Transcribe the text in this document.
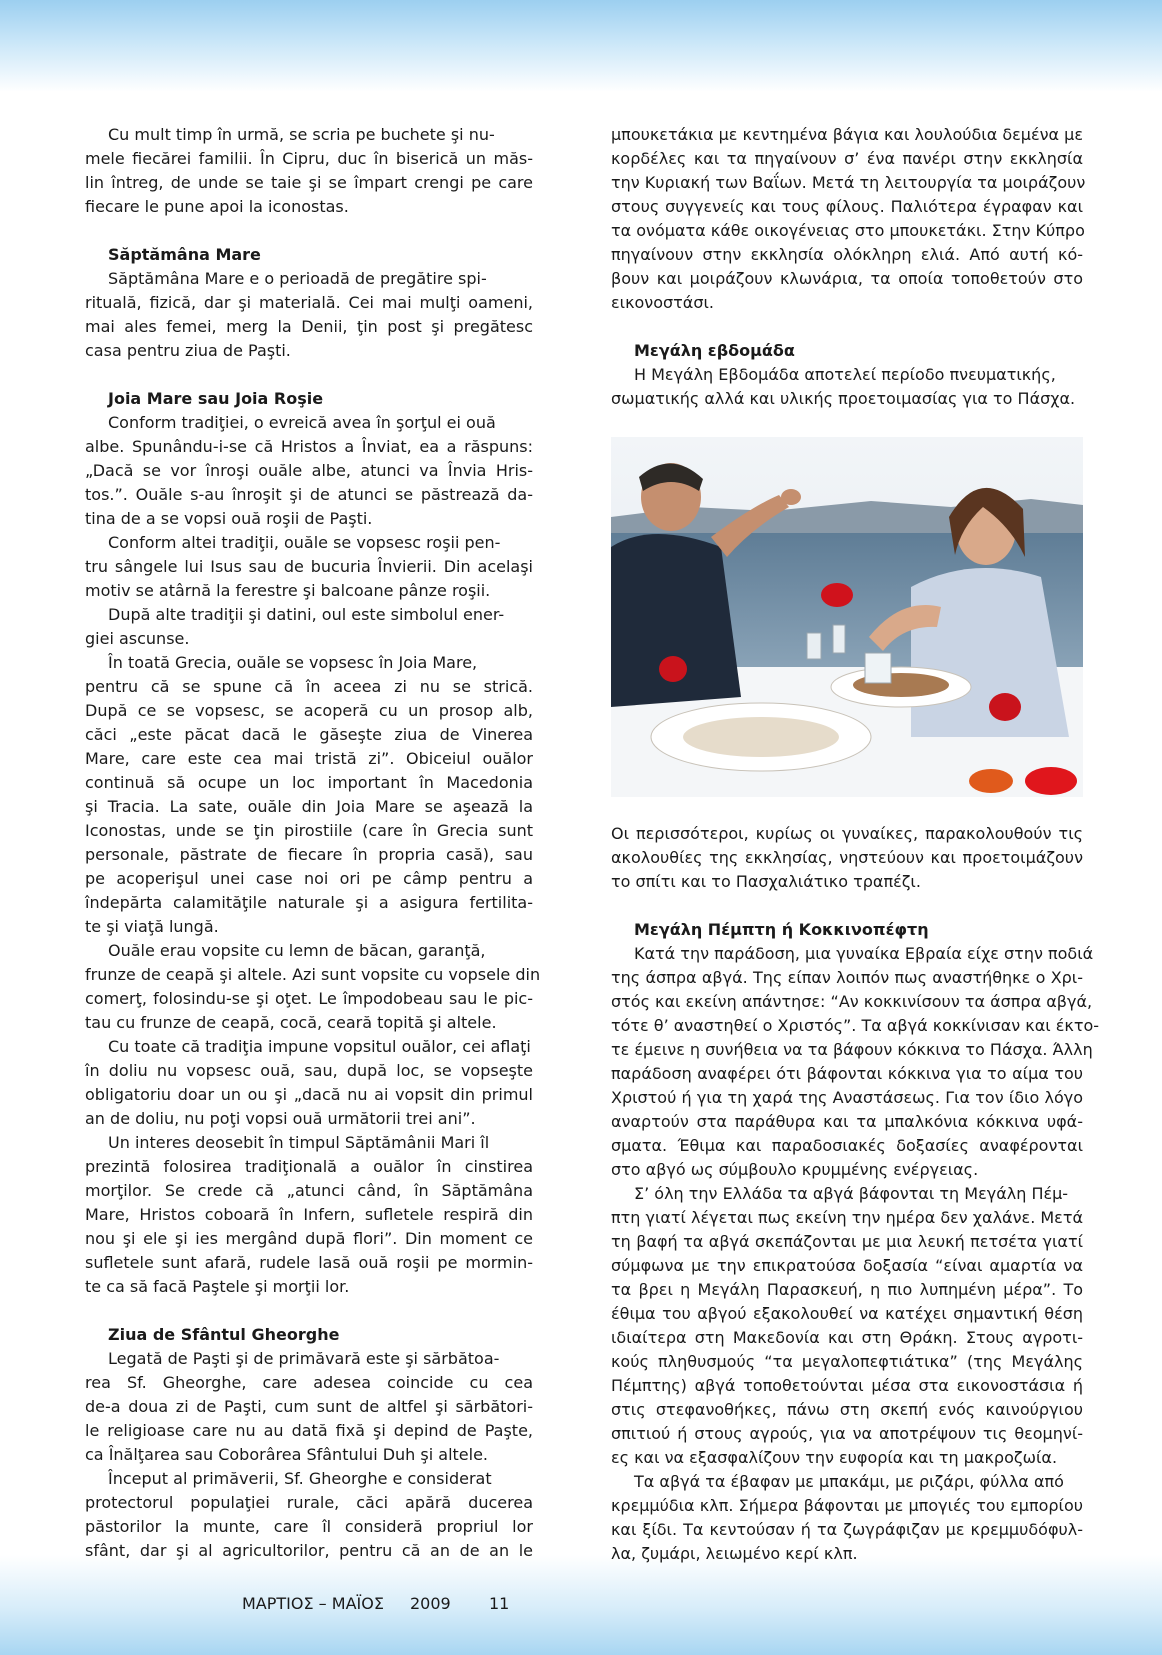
Cu mult timp în urmă, se scria pe buchete şi nu-
mele fiecărei familii. În Cipru, duc în biserică un măs-
lin întreg, de unde se taie şi se împart crengi pe care
fiecare le pune apoi la iconostas.
Săptămâna Mare
Săptămâna Mare e o perioadă de pregătire spi-
rituală, fizică, dar şi materială. Cei mai mulţi oameni,
mai ales femei, merg la Denii, ţin post şi pregătesc
casa pentru ziua de Paşti.
Joia Mare sau Joia Roşie
Conform tradiţiei, o evreică avea în şorţul ei ouă
albe. Spunându-i-se că Hristos a Înviat, ea a răspuns:
„Dacă se vor înroşi ouăle albe, atunci va Învia Hris-
tos.”. Ouăle s-au înroşit şi de atunci se păstrează da-
tina de a se vopsi ouă roşii de Paşti.
Conform altei tradiţii, ouăle se vopsesc roşii pen-
tru sângele lui Isus sau de bucuria Învierii. Din acelaşi
motiv se atârnă la ferestre şi balcoane pânze roşii.
După alte tradiţii şi datini, oul este simbolul ener-
giei ascunse.
În toată Grecia, ouăle se vopsesc în Joia Mare,
pentru că se spune că în aceea zi nu se strică.
După ce se vopsesc, se acoperă cu un prosop alb,
căci „este păcat dacă le găseşte ziua de Vinerea
Mare, care este cea mai tristă zi”. Obiceiul ouălor
continuă să ocupe un loc important în Macedonia
şi Tracia. La sate, ouăle din Joia Mare se aşează la
Iconostas, unde se ţin pirostiile (care în Grecia sunt
personale, păstrate de fiecare în propria casă), sau
pe acoperişul unei case noi ori pe câmp pentru a
îndepărta calamităţile naturale şi a asigura fertilita-
te şi viaţă lungă.
Ouăle erau vopsite cu lemn de băcan, garanţă,
frunze de ceapă şi altele. Azi sunt vopsite cu vopsele din
comerţ, folosindu-se şi oţet. Le împodobeau sau le pic-
tau cu frunze de ceapă, cocă, ceară topită şi altele.
Cu toate că tradiţia impune vopsitul ouălor, cei aflaţi
în doliu nu vopsesc ouă, sau, după loc, se vopseşte
obligatoriu doar un ou şi „dacă nu ai vopsit din primul
an de doliu, nu poţi vopsi ouă următorii trei ani”.
Un interes deosebit în timpul Săptămânii Mari îl
prezintă folosirea tradiţională a ouălor în cinstirea
morţilor. Se crede că „atunci când, în Săptămâna
Mare, Hristos coboară în Infern, sufletele respiră din
nou şi ele şi ies mergând după flori”. Din moment ce
sufletele sunt afară, rudele lasă ouă roşii pe mormin-
te ca să facă Paştele şi morţii lor.
Ziua de Sfântul Gheorghe
Legată de Paşti şi de primăvară este şi sărbătoa-
rea Sf. Gheorghe, care adesea coincide cu cea
de-a doua zi de Paşti, cum sunt de altfel şi sărbători-
le religioase care nu au dată fixă şi depind de Paşte,
ca Înălţarea sau Coborârea Sfântului Duh şi altele.
Început al primăverii, Sf. Gheorghe e considerat
protectorul populaţiei rurale, căci apără ducerea
păstorilor la munte, care îl consideră propriul lor
sfânt, dar şi al agricultorilor, pentru că an de an le
μπουκετάκια με κεντημένα βάγια και λουλούδια δεμένα με
κορδέλες και τα πηγαίνουν σ’ ένα πανέρι στην εκκλησία
την Κυριακή των Βαΐων. Μετά τη λειτουργία τα μοιράζουν
στους συγγενείς και τους φίλους. Παλιότερα έγραφαν και
τα ονόματα κάθε οικογένειας στο μπουκετάκι. Στην Κύπρο
πηγαίνουν στην εκκλησία ολόκληρη ελιά. Από αυτή κό-
βουν και μοιράζουν κλωνάρια, τα οποία τοποθετούν στο
εικονοστάσι.
Μεγάλη εβδομάδα
Η Μεγάλη Εβδομάδα αποτελεί περίοδο πνευματικής,
σωματικής αλλά και υλικής προετοιμασίας για το Πάσχα.
Οι περισσότεροι, κυρίως οι γυναίκες, παρακολουθούν τις
ακολουθίες της εκκλησίας, νηστεύουν και προετοιμάζουν
το σπίτι και το Πασχαλιάτικο τραπέζι.
Μεγάλη Πέμπτη ή Κοκκινοπέφτη
Κατά την παράδοση, μια γυναίκα Εβραία είχε στην ποδιά
της άσπρα αβγά. Της είπαν λοιπόν πως αναστήθηκε ο Χρι-
στός και εκείνη απάντησε: “Αν κοκκινίσουν τα άσπρα αβγά,
τότε θ’ αναστηθεί ο Χριστός”. Τα αβγά κοκκίνισαν και έκτο-
τε έμεινε η συνήθεια να τα βάφουν κόκκινα το Πάσχα. Άλλη
παράδοση αναφέρει ότι βάφονται κόκκινα για το αίμα του
Χριστού ή για τη χαρά της Αναστάσεως. Για τον ίδιο λόγο
αναρτούν στα παράθυρα και τα μπαλκόνια κόκκινα υφά-
σματα. Έθιμα και παραδοσιακές δοξασίες αναφέρονται
στο αβγό ως σύμβουλο κρυμμένης ενέργειας.
Σ’ όλη την Ελλάδα τα αβγά βάφονται τη Μεγάλη Πέμ-
πτη γιατί λέγεται πως εκείνη την ημέρα δεν χαλάνε. Μετά
τη βαφή τα αβγά σκεπάζονται με μια λευκή πετσέτα γιατί
σύμφωνα με την επικρατούσα δοξασία “είναι αμαρτία να
τα βρει η Μεγάλη Παρασκευή, η πιο λυπημένη μέρα”. Το
έθιμα του αβγού εξακολουθεί να κατέχει σημαντική θέση
ιδιαίτερα στη Μακεδονία και στη Θράκη. Στους αγροτι-
κούς πληθυσμούς “τα μεγαλοπεφτιάτικα” (της Μεγάλης
Πέμπτης) αβγά τοποθετούνται μέσα στα εικονοστάσια ή
στις στεφανοθήκες, πάνω στη σκεπή ενός καινούργιου
σπιτιού ή στους αγρούς, για να αποτρέψουν τις θεομηνί-
ες και να εξασφαλίζουν την ευφορία και τη μακροζωία.
Τα αβγά τα έβαφαν με μπακάμι, με ριζάρι, φύλλα από
κρεμμύδια κλπ. Σήμερα βάφονται με μπογιές του εμπορίου
και ξίδι. Τα κεντούσαν ή τα ζωγράφιζαν με κρεμμυδόφυλ-
λα, ζυμάρι, λειωμένο κερί κλπ.
ΜΑΡΤΙΟΣ – ΜΑΪΟΣ 2009 11
